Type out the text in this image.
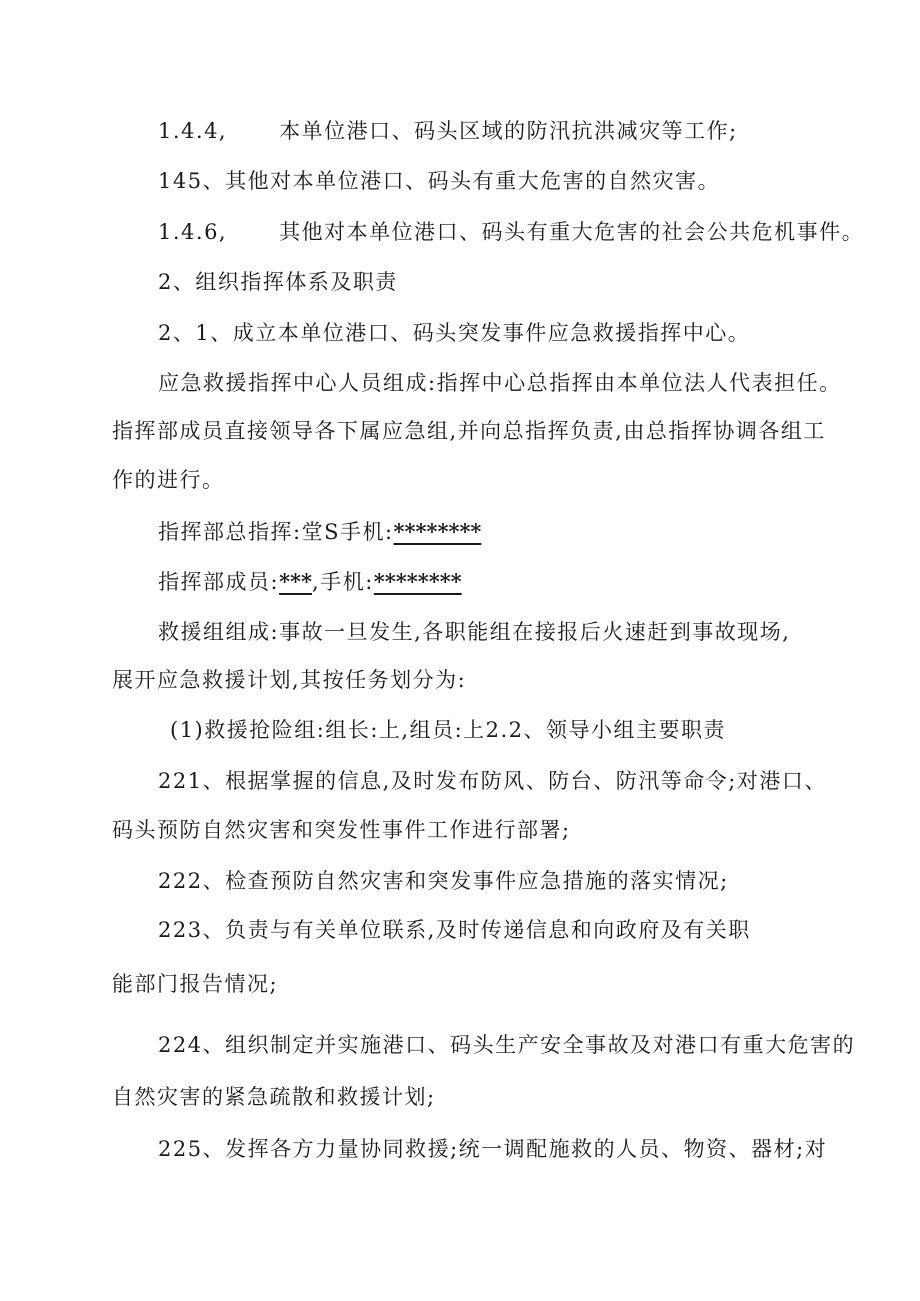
1.4.4, 本单位港口、码头区域的防汛抗洪减灾等工作;
145、其他对本单位港口、码头有重大危害的自然灾害。
1.4.6, 其他对本单位港口、码头有重大危害的社会公共危机事件。
2、组织指挥体系及职责
2、1、成立本单位港口、码头突发事件应急救援指挥中心。
应急救援指挥中心人员组成:指挥中心总指挥由本单位法人代表担任。
指挥部成员直接领导各下属应急组,并向总指挥负责,由总指挥协调各组工
作的进行。
指挥部总指挥:堂S手机:********
指挥部成员:***,手机:********
救援组组成:事故一旦发生,各职能组在接报后火速赶到事故现场,
展开应急救援计划,其按任务划分为:
(1)救援抢险组:组长:上,组员:上2.2、领导小组主要职责
221、根据掌握的信息,及时发布防风、防台、防汛等命令;对港口、
码头预防自然灾害和突发性事件工作进行部署;
222、检查预防自然灾害和突发事件应急措施的落实情况;
223、负责与有关单位联系,及时传递信息和向政府及有关职
能部门报告情况;
224、组织制定并实施港口、码头生产安全事故及对港口有重大危害的
自然灾害的紧急疏散和救援计划;
225、发挥各方力量协同救援;统一调配施救的人员、物资、器材;对
